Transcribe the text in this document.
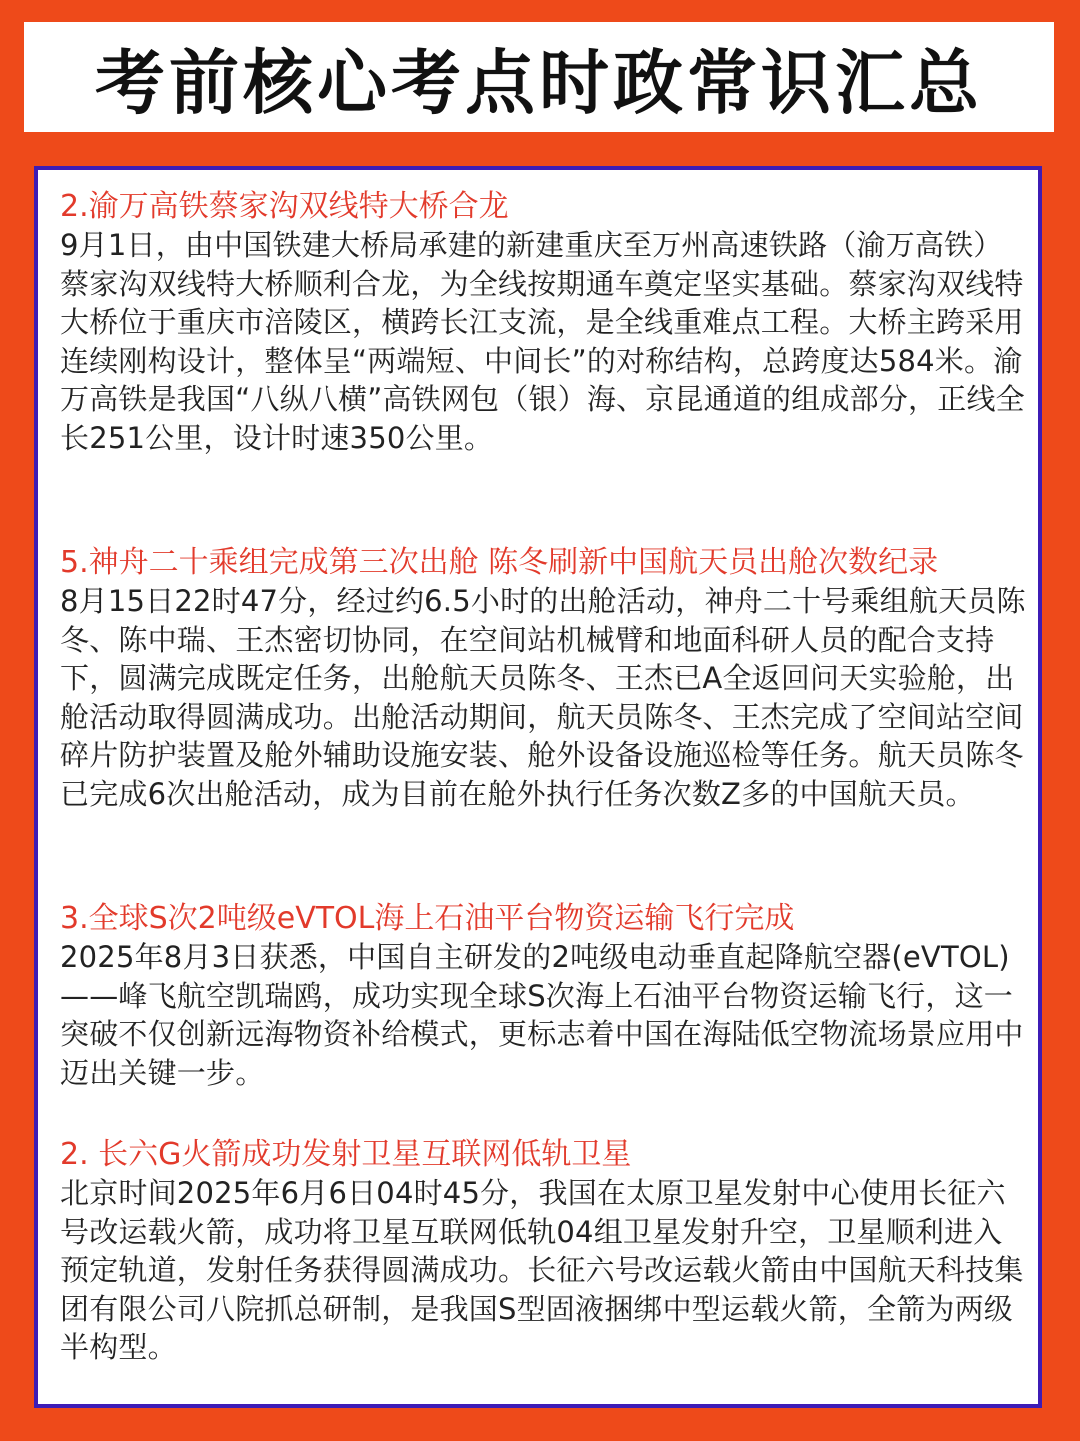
考前核心考点时政常识汇总

2.渝万高铁蔡家沟双线特大桥合龙

9月1日，由中国铁建大桥局承建的新建重庆至万州高速铁路（渝万高铁）蔡家沟双线特大桥顺利合龙，为全线按期通车奠定坚实基础。蔡家沟双线特大桥位于重庆市涪陵区，横跨长江支流，是全线重难点工程。大桥主跨采用连续刚构设计，整体呈“两端短、中间长”的对称结构，总跨度达584米。渝万高铁是我国“八纵八横”高铁网包（银）海、京昆通道的组成部分，正线全长251公里，设计时速350公里。

5.神舟二十乘组完成第三次出舱 陈冬刷新中国航天员出舱次数纪录

8月15日22时47分，经过约6.5小时的出舱活动，神舟二十号乘组航天员陈冬、陈中瑞、王杰密切协同，在空间站机械臂和地面科研人员的配合支持下，圆满完成既定任务，出舱航天员陈冬、王杰已A全返回问天实验舱，出舱活动取得圆满成功。出舱活动期间，航天员陈冬、王杰完成了空间站空间碎片防护装置及舱外辅助设施安装、舱外设备设施巡检等任务。航天员陈冬已完成6次出舱活动，成为目前在舱外执行任务次数Z多的中国航天员。

3.全球S次2吨级eVTOL海上石油平台物资运输飞行完成

2025年8月3日获悉，中国自主研发的2吨级电动垂直起降航空器(eVTOL)——峰飞航空凯瑞鸥，成功实现全球S次海上石油平台物资运输飞行，这一突破不仅创新远海物资补给模式，更标志着中国在海陆低空物流场景应用中迈出关键一步。

2. 长六G火箭成功发射卫星互联网低轨卫星

北京时间2025年6月6日04时45分，我国在太原卫星发射中心使用长征六号改运载火箭，成功将卫星互联网低轨04组卫星发射升空，卫星顺利进入预定轨道，发射任务获得圆满成功。长征六号改运载火箭由中国航天科技集团有限公司八院抓总研制，是我国S型固液捆绑中型运载火箭，全箭为两级半构型。
